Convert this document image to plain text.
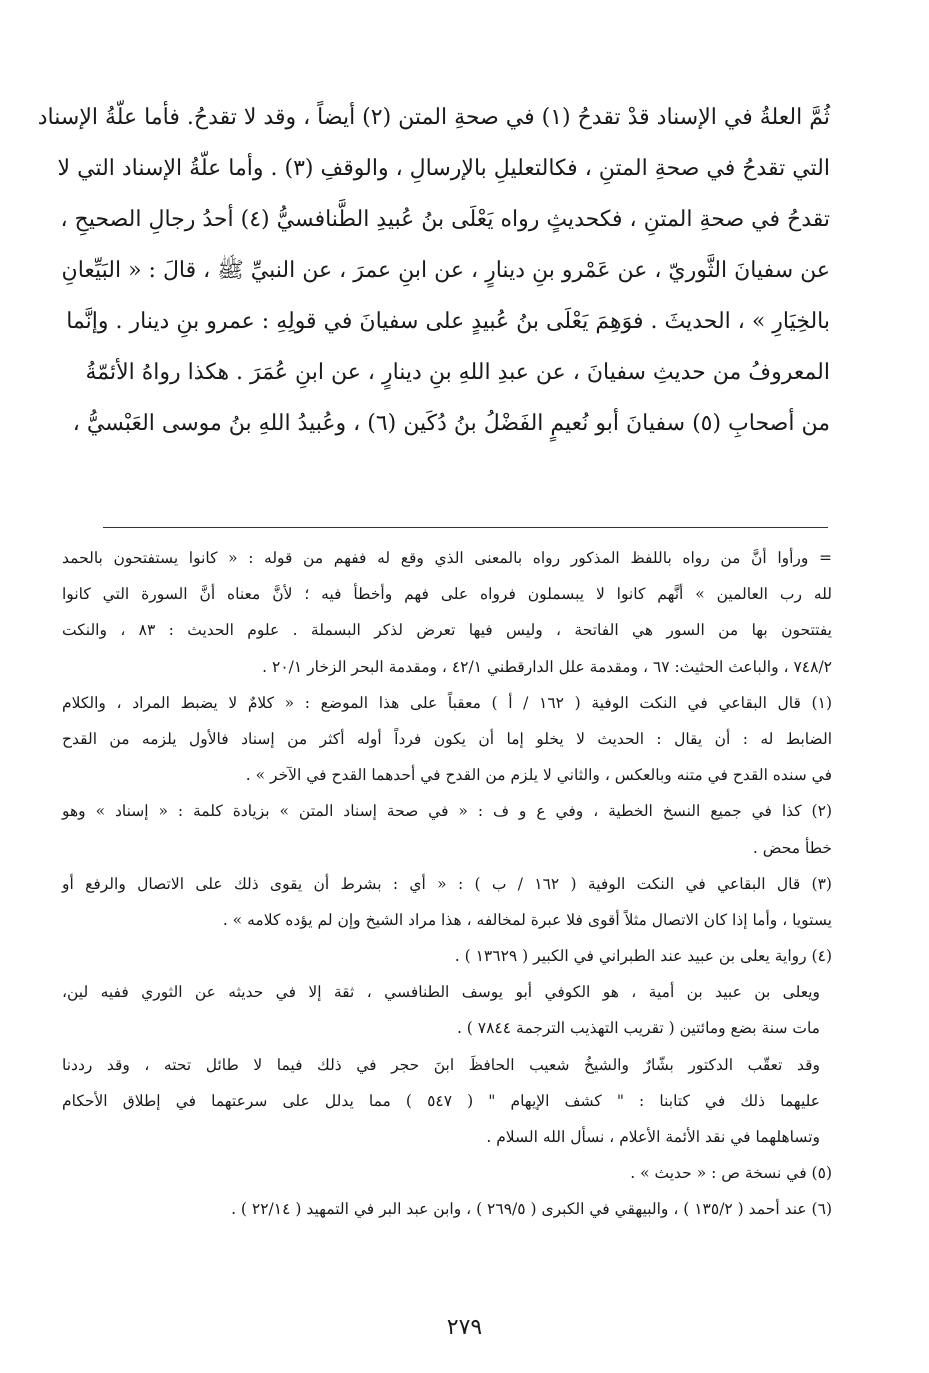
ثُمَّ العلةُ في الإسناد قدْ تقدحُ (١) في صحةِ المتن (٢) أيضاً ، وقد لا تقدحُ. فأما علّةُ الإسناد
التي تقدحُ في صحةِ المتنِ ، فكالتعليلِ بالإرسالِ ، والوقفِ (٣) . وأما علّةُ الإسناد التي لا
تقدحُ في صحةِ المتنِ ، فكحديثٍ رواه يَعْلَى بنُ عُبيدِ الطَّنافسيُّ (٤) أحدُ رجالِ الصحيحِ ،
عن سفيانَ الثَّوريّ ، عن عَمْرو بنِ دينارٍ ، عن ابنِ عمرَ ، عن النبيِّ ﷺ ، قالَ : « البَيِّعانِ
بالخِيَارِ » ، الحديثَ . فوَهِمَ يَعْلَى بنُ عُبيدٍ على سفيانَ في قولِهِ : عمرو بنِ دينار . وإنَّما
المعروفُ من حديثِ سفيانَ ، عن عبدِ اللهِ بنِ دينارٍ ، عن ابنِ عُمَرَ . هكذا رواهُ الأئمّةُ
من أصحابِ (٥) سفيانَ أبو نُعيمٍ الفَضْلُ بنُ دُكَين (٦) ، وعُبيدُ اللهِ بنُ موسى العَبْسيُّ ،
= ورأوا أنَّ من رواه باللفظ المذكور رواه بالمعنى الذي وقع له ففهم من قوله : « كانوا يستفتحون بالحمد
لله رب العالمين » أنَّهم كانوا لا يبسملون فرواه على فهم وأخطأ فيه ؛ لأنَّ معناه أنَّ السورة التي كانوا
يفتتحون بها من السور هي الفاتحة ، وليس فيها تعرض لذكر البسملة . علوم الحديث : ٨٣ ، والنكت
٧٤٨/٢ ، والباعث الحثيث: ٦٧ ، ومقدمة علل الدارقطني ٤٢/١ ، ومقدمة البحر الزخار ٢٠/١ .
(١) قال البقاعي في النكت الوفية ( ١٦٢ / أ ) معقباً على هذا الموضع : « كلامٌ لا يضبط المراد ، والكلام
الضابط له : أن يقال : الحديث لا يخلو إما أن يكون فرداً أوله أكثر من إسناد فالأول يلزمه من القدح
في سنده القدح في متنه وبالعكس ، والثاني لا يلزم من القدح في أحدهما القدح في الآخر » .
(٢) كذا في جميع النسخ الخطية ، وفي ع و ف : « في صحة إسناد المتن » بزيادة كلمة : « إسناد » وهو
خطأ محض .
(٣) قال البقاعي في النكت الوفية ( ١٦٢ / ب ) : « أي : بشرط أن يقوى ذلك على الاتصال والرفع أو
يستويا ، وأما إذا كان الاتصال مثلاً أقوى فلا عبرة لمخالفه ، هذا مراد الشيخ وإن لم يؤده كلامه » .
(٤) رواية يعلى بن عبيد عند الطبراني في الكبير ( ١٣٦٢٩ ) .
ويعلى بن عبيد بن أمية ، هو الكوفي أبو يوسف الطنافسي ، ثقة إلا في حديثه عن الثوري ففيه لين،
مات سنة بضع ومائتين ( تقريب التهذيب الترجمة ٧٨٤٤ ) .
وقد تعقّب الدكتور بشّارٌ والشيخُ شعيب الحافظَ ابنَ حجر في ذلك فيما لا طائل تحته ، وقد رددنا
عليهما ذلك في كتابنا : " كشف الإيهام " ( ٥٤٧ ) مما يدلل على سرعتهما في إطلاق الأحكام
وتساهلهما في نقد الأئمة الأعلام ، نسأل الله السلام .
(٥) في نسخة ص : « حديث » .
(٦) عند أحمد ( ١٣٥/٢ ) ، والبيهقي في الكبرى ( ٢٦٩/٥ ) ، وابن عبد البر في التمهيد ( ٢٢/١٤ ) .
٢٧٩
